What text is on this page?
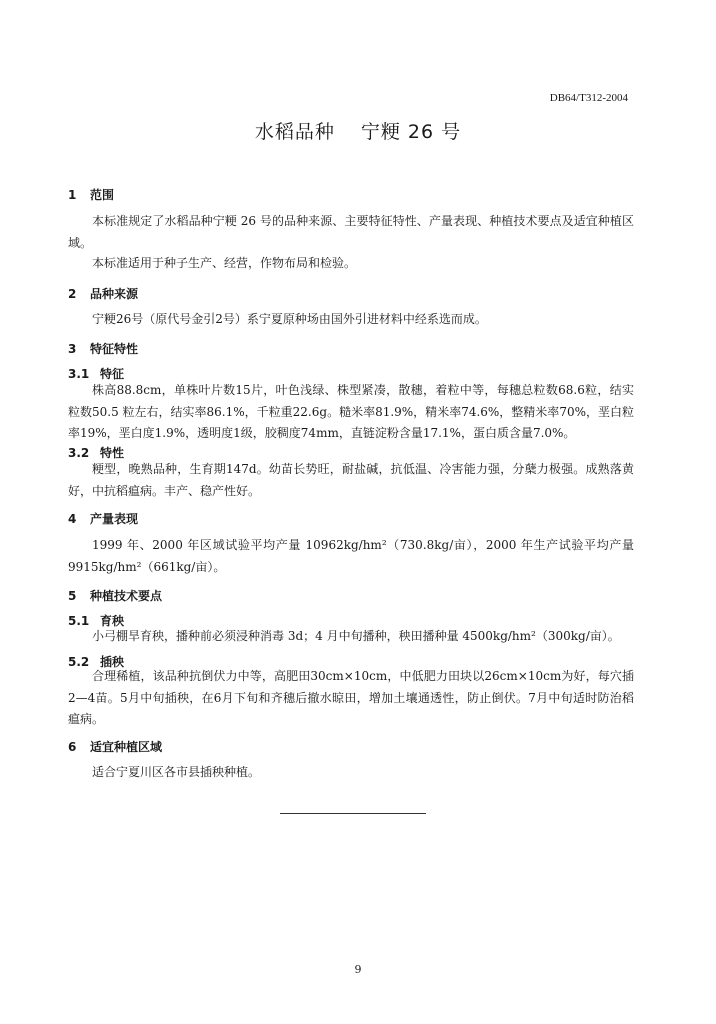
DB64/T312-2004
水稻品种 宁粳 26 号
1 范围
本标准规定了水稻品种宁粳 26 号的品种来源、主要特征特性、产量表现、种植技术要点及适宜种植区域。
本标准适用于种子生产、经营，作物布局和检验。
2 品种来源
宁粳26号（原代号金引2号）系宁夏原种场由国外引进材料中经系选而成。
3 特征特性
3.1 特征
株高88.8cm，单株叶片数15片，叶色浅绿、株型紧凑，散穗，着粒中等，每穗总粒数68.6粒，结实粒数50.5 粒左右，结实率86.1%，千粒重22.6g。糙米率81.9%，精米率74.6%，整精米率70%，垩白粒率19%，垩白度1.9%，透明度1级，胶稠度74mm，直链淀粉含量17.1%，蛋白质含量7.0%。
3.2 特性
粳型，晚熟品种，生育期147d。幼苗长势旺，耐盐碱，抗低温、冷害能力强，分蘖力极强。成熟落黄好，中抗稻瘟病。丰产、稳产性好。
4 产量表现
1999 年、2000 年区域试验平均产量 10962kg/hm²（730.8kg/亩），2000 年生产试验平均产量9915kg/hm²（661kg/亩）。
5 种植技术要点
5.1 育秧
小弓棚旱育秧，播种前必须浸种消毒 3d；4 月中旬播种，秧田播种量 4500kg/hm²（300kg/亩）。
5.2 插秧
合理稀植，该品种抗倒伏力中等，高肥田30cm×10cm，中低肥力田块以26cm×10cm为好，每穴插2—4苗。5月中旬插秧，在6月下旬和齐穗后撤水晾田，增加土壤通透性，防止倒伏。7月中旬适时防治稻瘟病。
6 适宜种植区域
适合宁夏川区各市县插秧种植。
9
